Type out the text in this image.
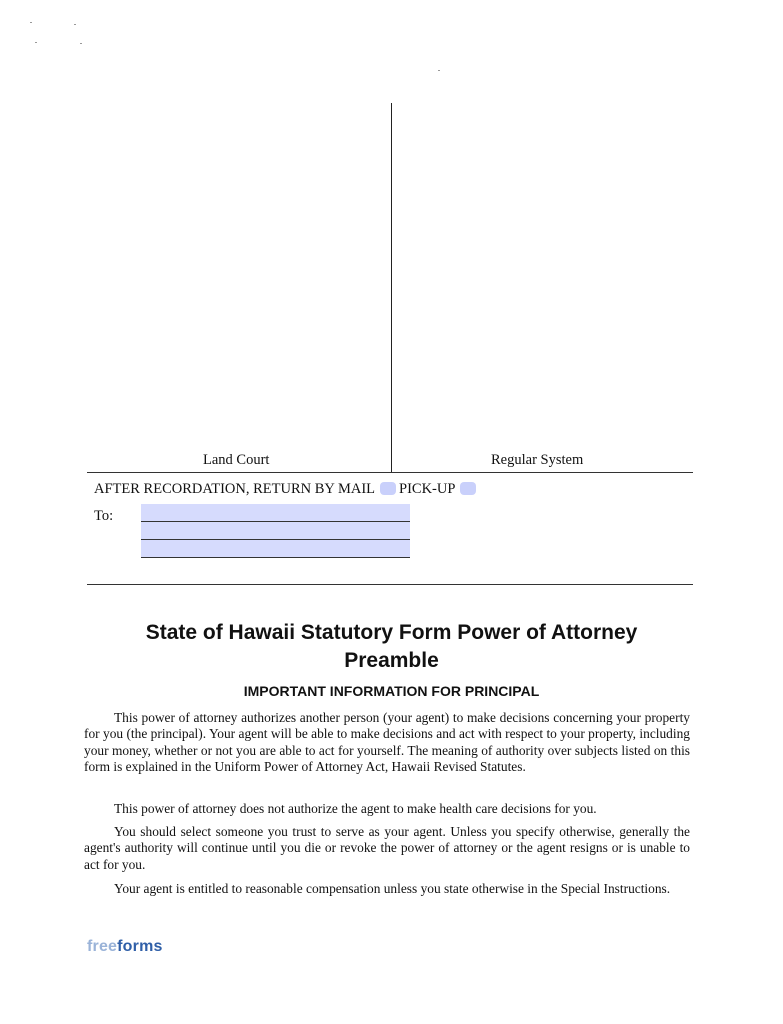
Land Court	Regular System
AFTER RECORDATION, RETURN BY MAIL PICK-UP
To:
State of Hawaii Statutory Form Power of Attorney
Preamble
IMPORTANT INFORMATION FOR PRINCIPAL
This power of attorney authorizes another person (your agent) to make decisions concerning your property for you (the principal). Your agent will be able to make decisions and act with respect to your property, including your money, whether or not you are able to act for yourself. The meaning of authority over subjects listed on this form is explained in the Uniform Power of Attorney Act, Hawaii Revised Statutes.
This power of attorney does not authorize the agent to make health care decisions for you.
You should select someone you trust to serve as your agent. Unless you specify otherwise, generally the agent's authority will continue until you die or revoke the power of attorney or the agent resigns or is unable to act for you.
Your agent is entitled to reasonable compensation unless you state otherwise in the Special Instructions.
freeforms
